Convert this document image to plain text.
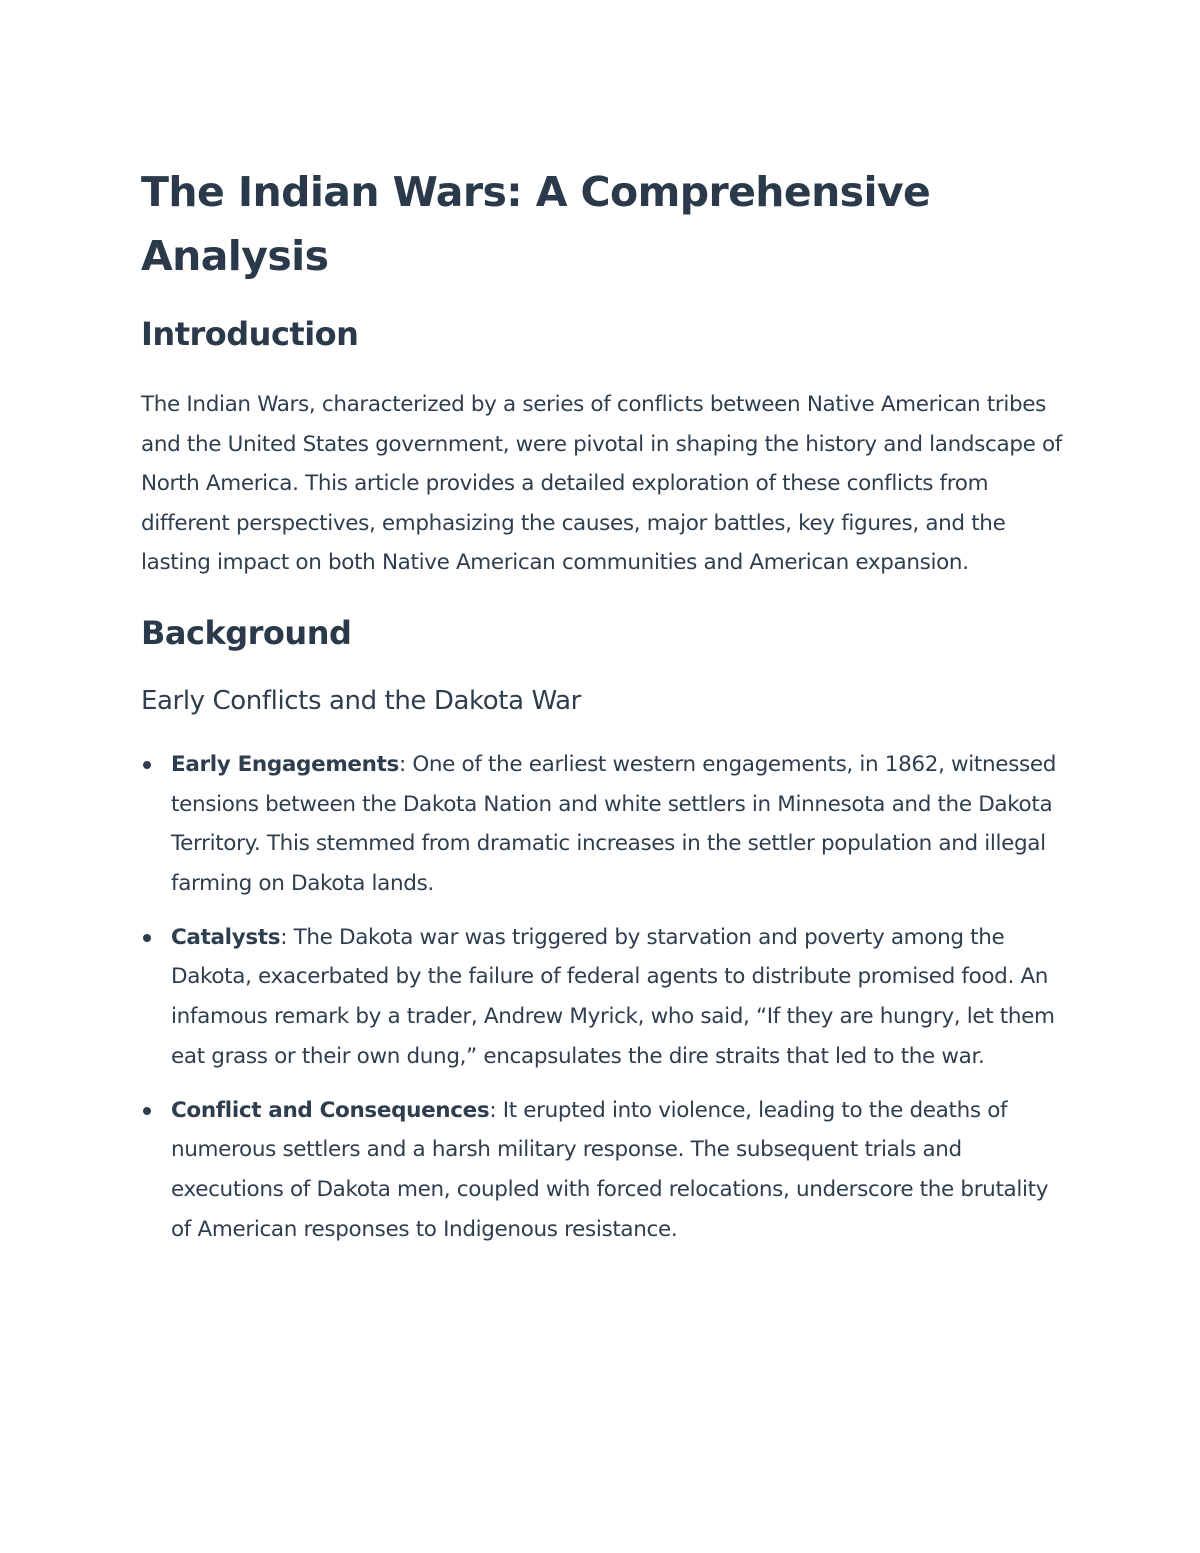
The Indian Wars: A Comprehensive Analysis
Introduction

The Indian Wars, characterized by a series of conflicts between Native American tribes and the United States government, were pivotal in shaping the history and landscape of North America. This article provides a detailed exploration of these conflicts from different perspectives, emphasizing the causes, major battles, key figures, and the lasting impact on both Native American communities and American expansion.

Background
Early Conflicts and the Dakota War
Early Engagements: One of the earliest western engagements, in 1862, witnessed tensions between the Dakota Nation and white settlers in Minnesota and the Dakota Territory. This stemmed from dramatic increases in the settler population and illegal farming on Dakota lands.
Catalysts: The Dakota war was triggered by starvation and poverty among the Dakota, exacerbated by the failure of federal agents to distribute promised food. An infamous remark by a trader, Andrew Myrick, who said, “If they are hungry, let them eat grass or their own dung,” encapsulates the dire straits that led to the war.
Conflict and Consequences: It erupted into violence, leading to the deaths of numerous settlers and a harsh military response. The subsequent trials and executions of Dakota men, coupled with forced relocations, underscore the brutality of American responses to Indigenous resistance.
